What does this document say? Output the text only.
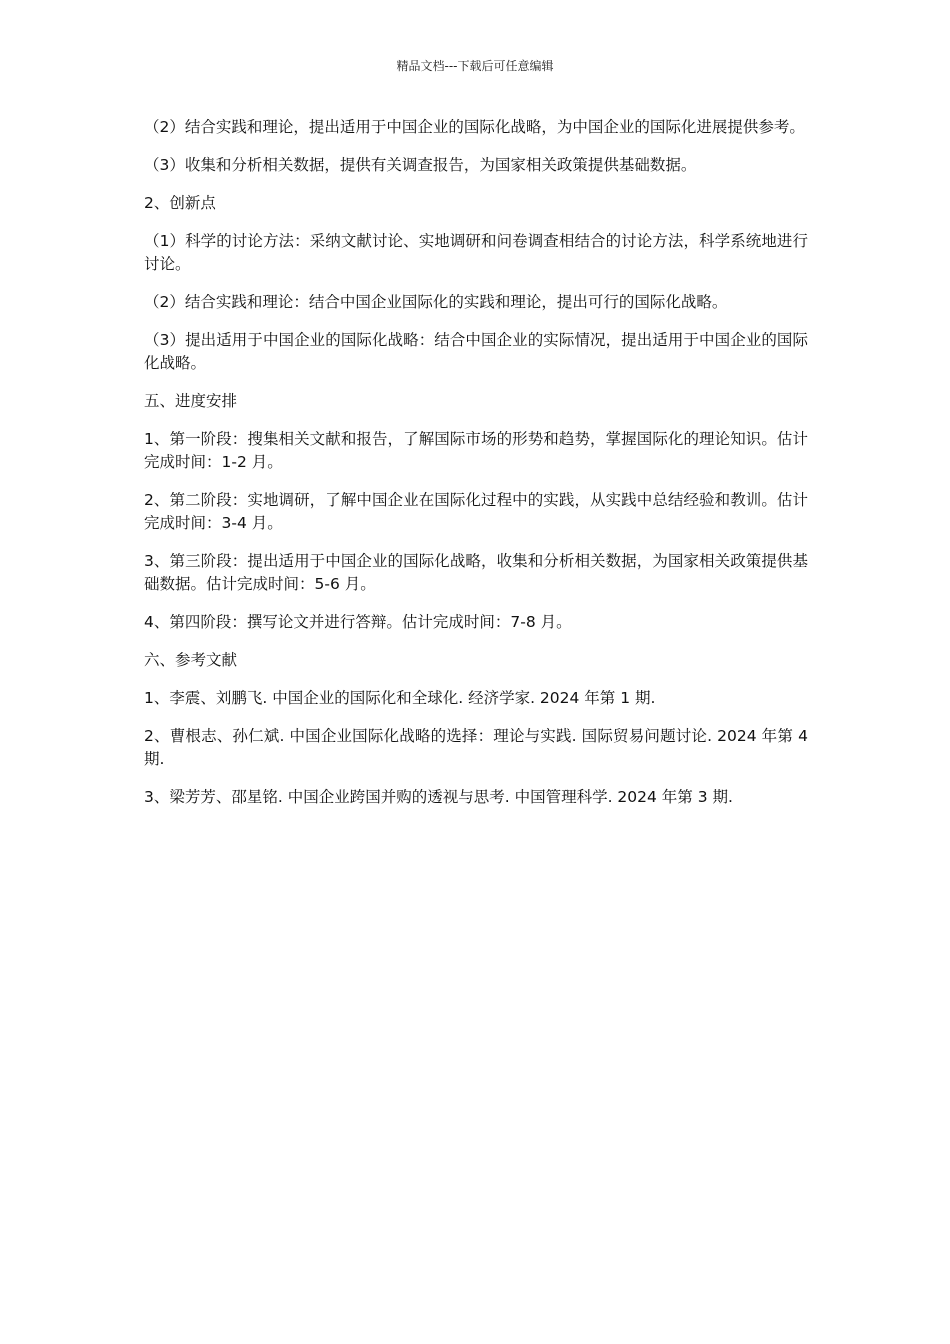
精品文档---下载后可任意编辑

（2）结合实践和理论，提出适用于中国企业的国际化战略，为中国企业的国际化进展提供参考。

（3）收集和分析相关数据，提供有关调查报告，为国家相关政策提供基础数据。

2、创新点

（1）科学的讨论方法：采纳文献讨论、实地调研和问卷调查相结合的讨论方法，科学系统地进行讨论。

（2）结合实践和理论：结合中国企业国际化的实践和理论，提出可行的国际化战略。

（3）提出适用于中国企业的国际化战略：结合中国企业的实际情况，提出适用于中国企业的国际化战略。

五、进度安排

1、第一阶段：搜集相关文献和报告，了解国际市场的形势和趋势，掌握国际化的理论知识。估计完成时间：1-2 月。

2、第二阶段：实地调研，了解中国企业在国际化过程中的实践，从实践中总结经验和教训。估计完成时间：3-4 月。

3、第三阶段：提出适用于中国企业的国际化战略，收集和分析相关数据，为国家相关政策提供基础数据。估计完成时间：5-6 月。

4、第四阶段：撰写论文并进行答辩。估计完成时间：7-8 月。

六、参考文献

1、李震、刘鹏飞. 中国企业的国际化和全球化. 经济学家. 2024 年第 1 期.

2、曹根志、孙仁斌. 中国企业国际化战略的选择：理论与实践. 国际贸易问题讨论. 2024 年第 4 期.

3、梁芳芳、邵星铭. 中国企业跨国并购的透视与思考. 中国管理科学. 2024 年第 3 期.
